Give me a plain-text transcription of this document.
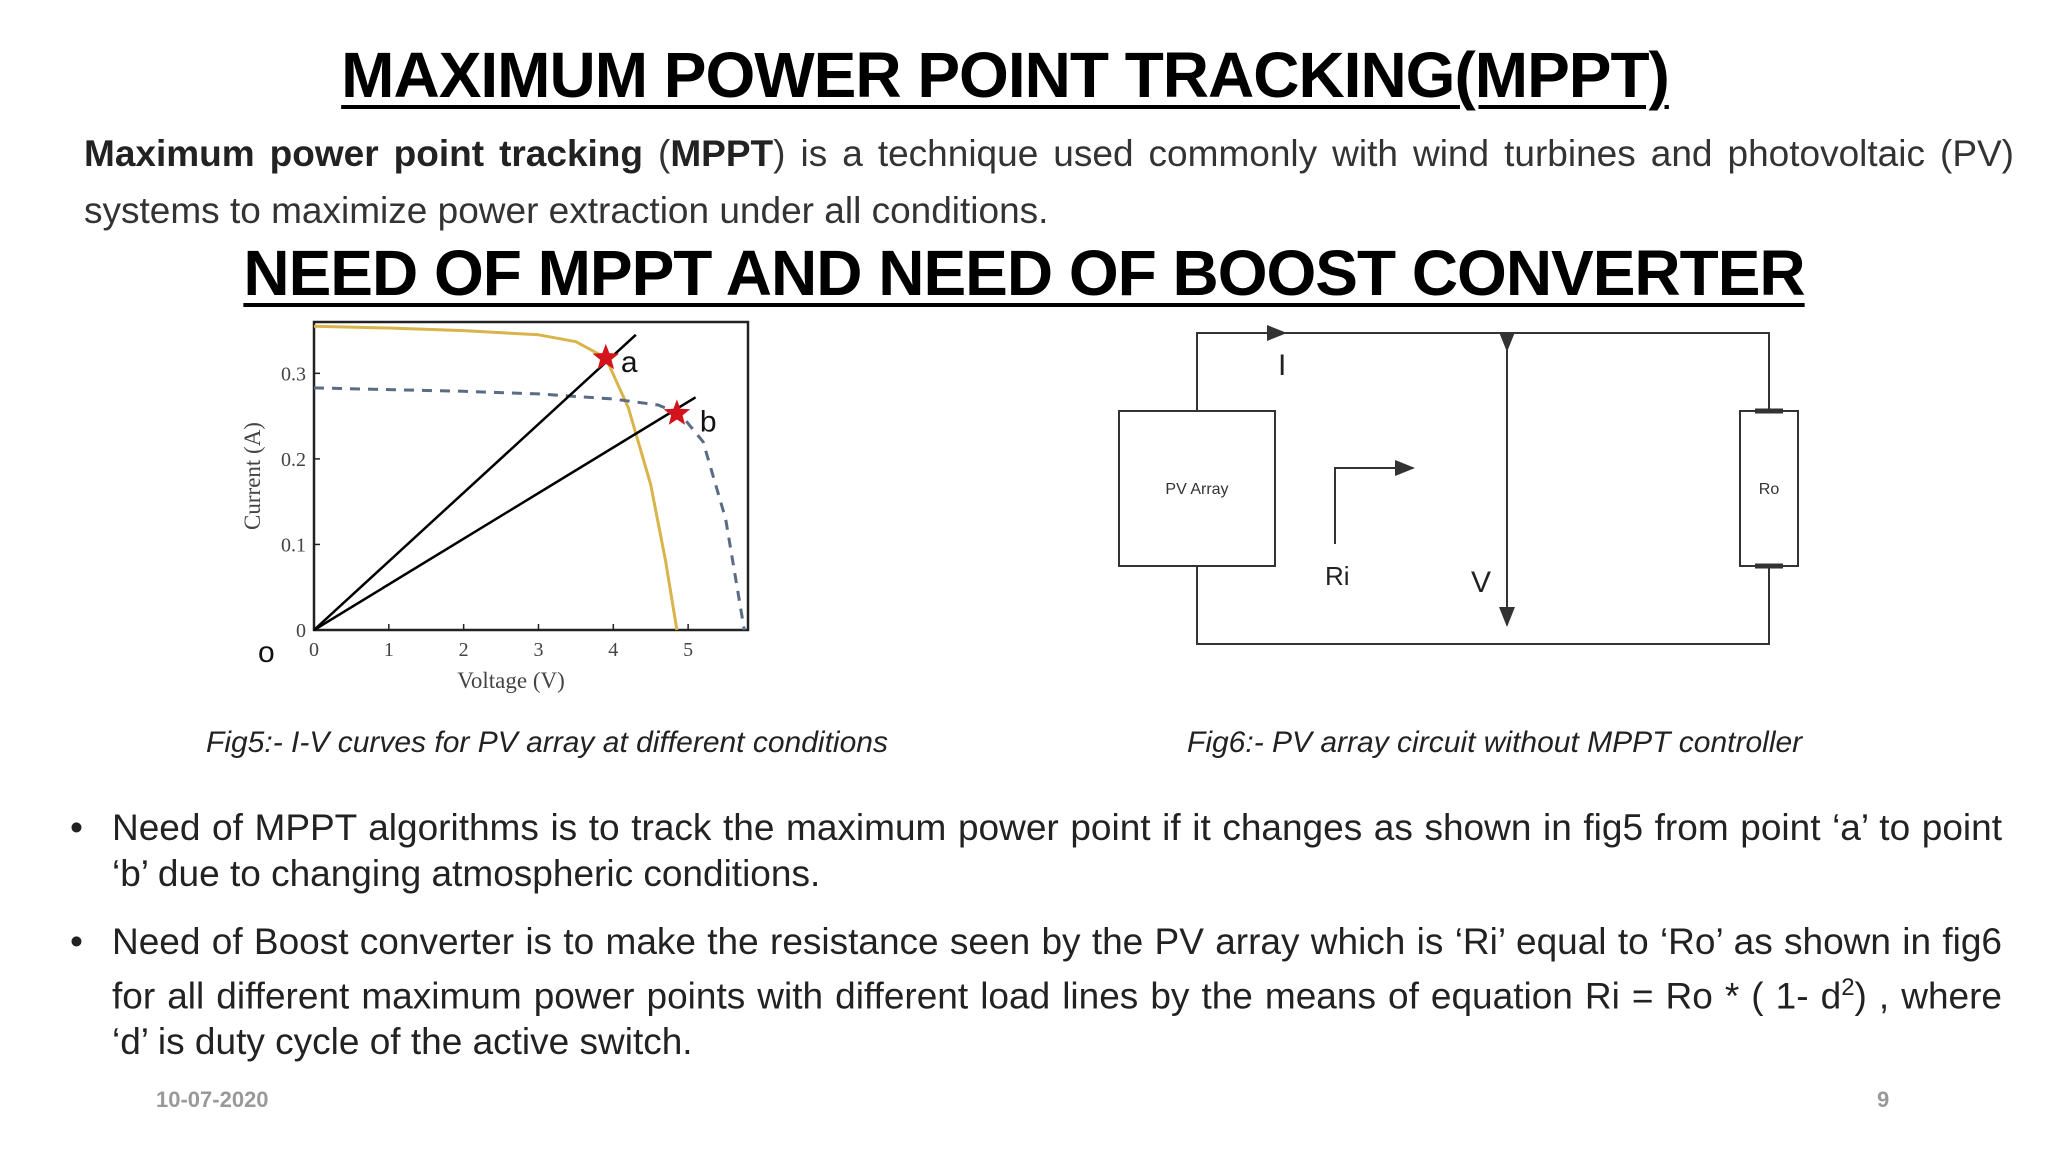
MAXIMUM POWER POINT TRACKING(MPPT)
Maximum power point tracking (MPPT) is a technique used commonly with wind turbines and photovoltaic (PV) systems to maximize power extraction under all conditions.
NEED OF MPPT AND NEED OF BOOST CONVERTER
0	1	2	3	4	5
0
0.1
0.2
0.3
Voltage (V)
Current (A)
a
b
o
Fig5:- I-V curves for PV array at different conditions
PV Array	Ro
I
Ri	V
Fig6:- PV array circuit without MPPT controller
• Need of MPPT algorithms is to track the maximum power point if it changes as shown in fig5 from point ‘a’ to point ‘b’ due to changing atmospheric conditions.
• Need of Boost converter is to make the resistance seen by the PV array which is ‘Ri’ equal to ‘Ro’ as shown in fig6 for all different maximum power points with different load lines by the means of equation Ri = Ro * ( 1- $d^2$) , where ‘d’ is duty cycle of the active switch.
10-07-2020	9
